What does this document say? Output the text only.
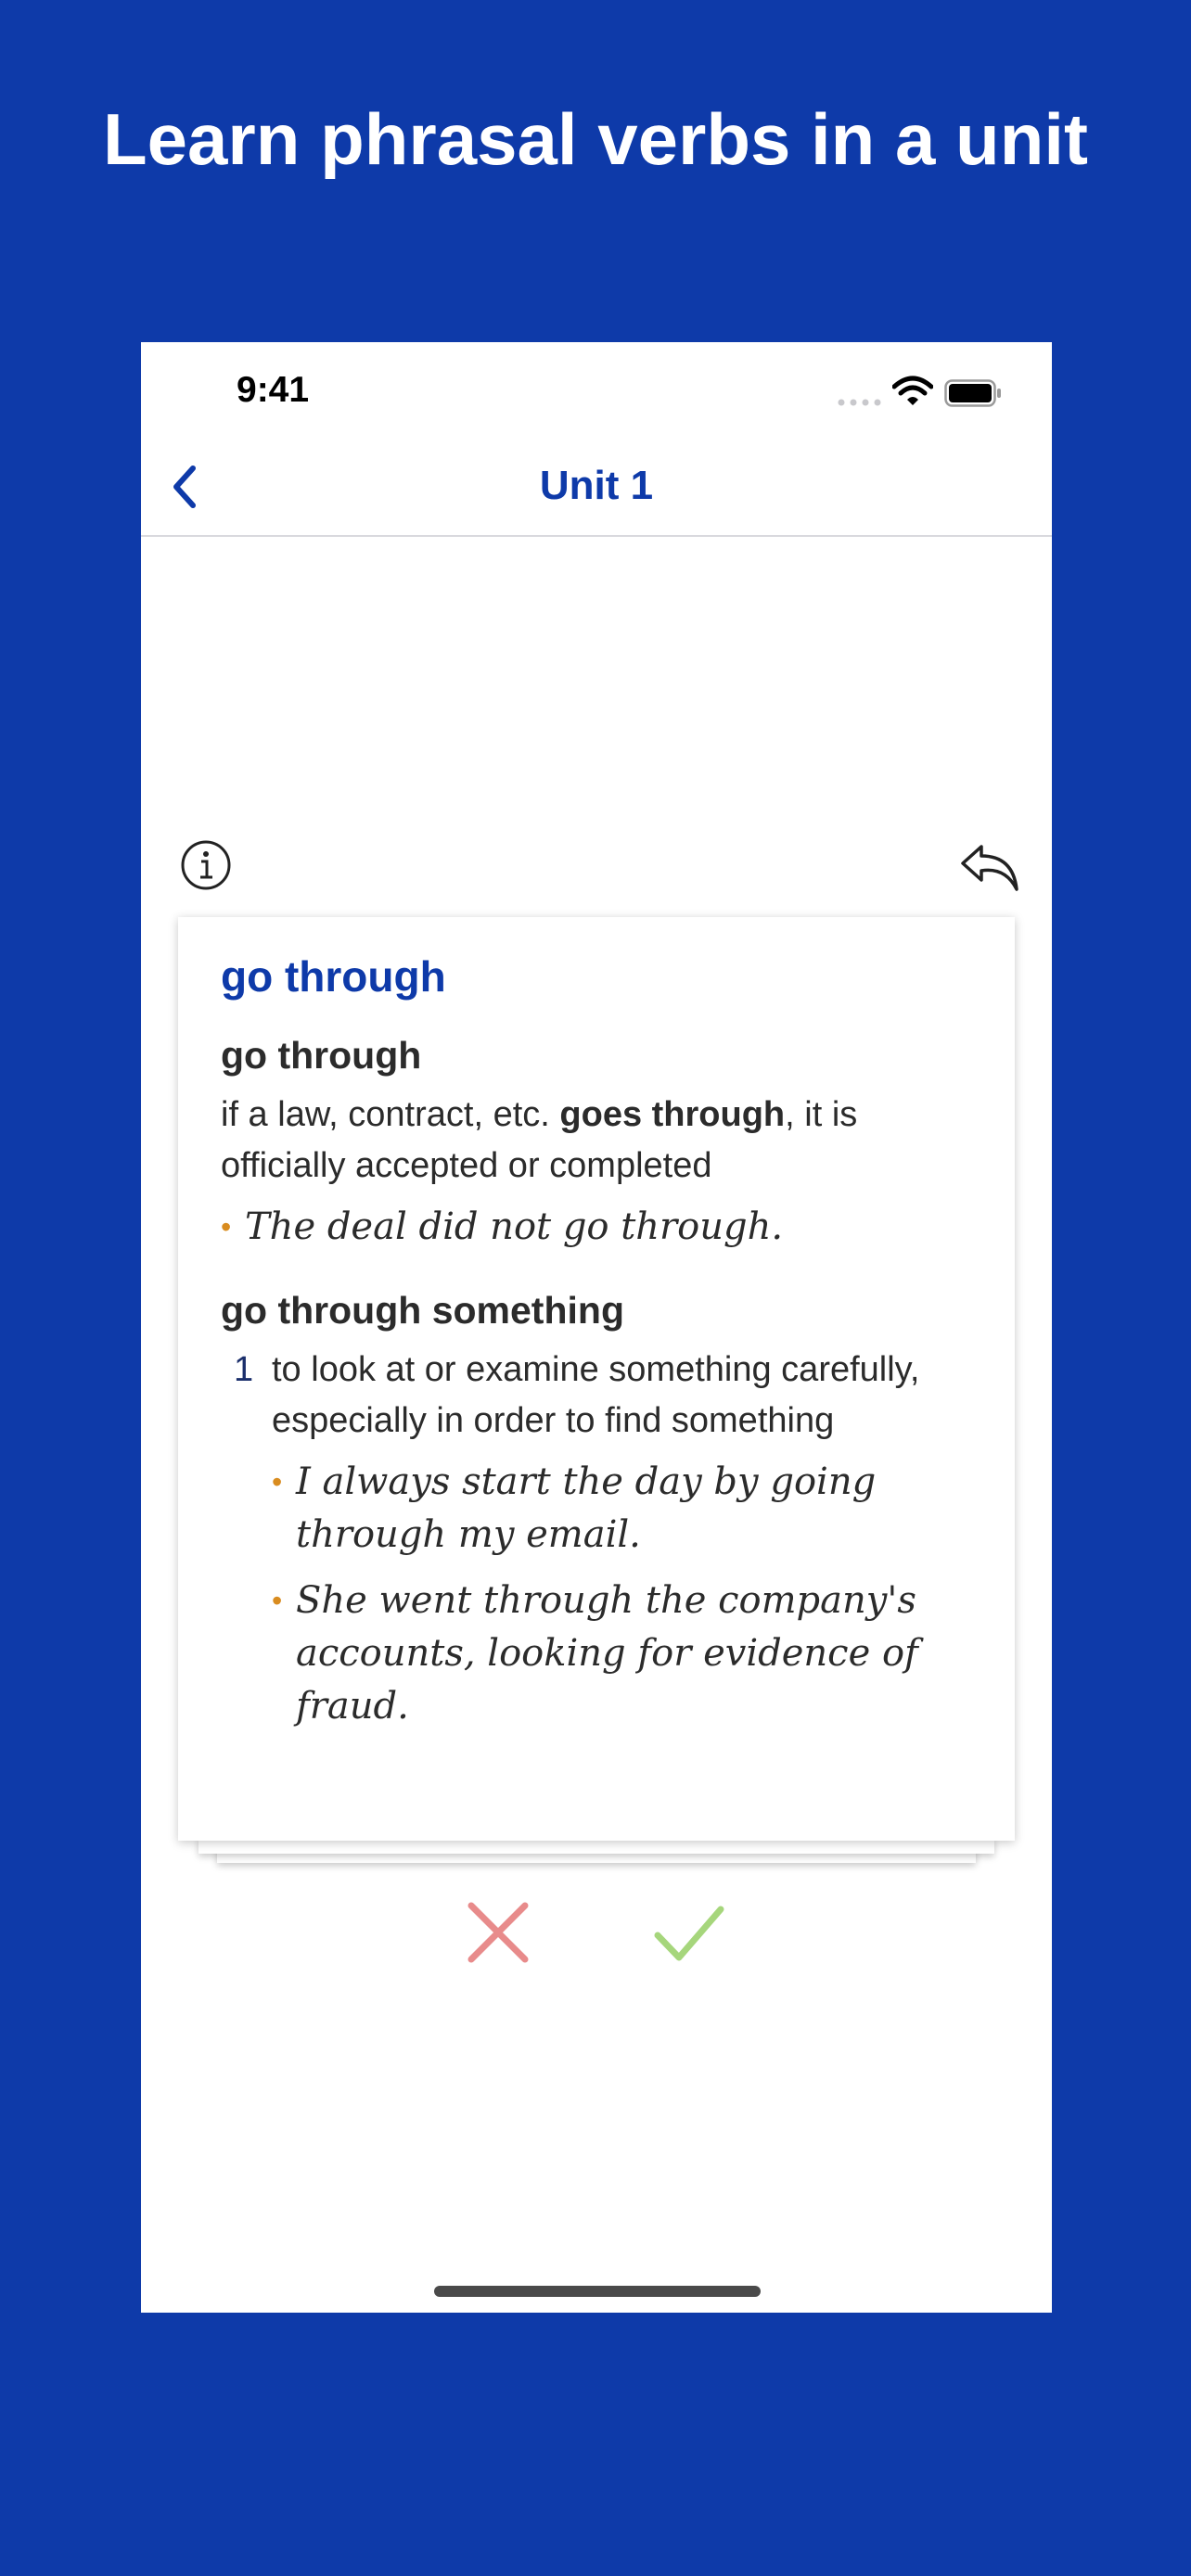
Learn phrasal verbs in a unit
9:41
Unit 1

go through

go through

if a law, contract, etc. goes through, it is officially accepted or completed

• The deal did not go through.

go through something

1 to look at or examine something carefully, especially in order to find something

• I always start the day by going through my email.

• She went through the company's accounts, looking for evidence of fraud.
